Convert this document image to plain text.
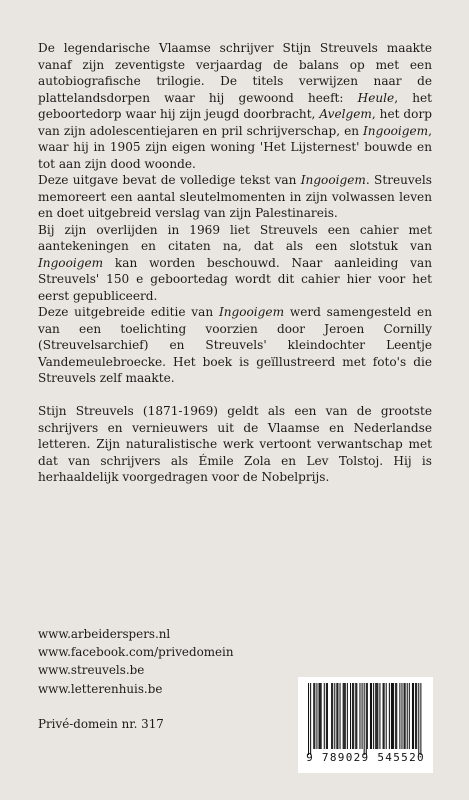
De legendarische Vlaamse schrijver Stijn Streuvels maakte vanaf zijn zeventigste verjaardag de balans op met een autobiografische trilogie. De titels verwijzen naar de plattelandsdorpen waar hij gewoond heeft: Heule, het geboortedorp waar hij zijn jeugd doorbracht, Avelgem, het dorp van zijn adolescentiejaren en pril schrijverschap, en Ingooigem, waar hij in 1905 zijn eigen woning 'Het Lijsternest' bouwde en tot aan zijn dood woonde.

Deze uitgave bevat de volledige tekst van Ingooigem. Streuvels memoreert een aantal sleutelmomenten in zijn volwassen leven en doet uitgebreid verslag van zijn Palestinareis.

Bij zijn overlijden in 1969 liet Streuvels een cahier met aantekeningen en citaten na, dat als een slotstuk van Ingooigem kan worden beschouwd. Naar aanleiding van Streuvels' 150 e geboortedag wordt dit cahier hier voor het eerst gepubliceerd.

Deze uitgebreide editie van Ingooigem werd samengesteld en van een toelichting voorzien door Jeroen Cornilly (Streuvelsarchief) en Streuvels' kleindochter Leentje Vandemeulebroecke. Het boek is geïllustreerd met foto's die Streuvels zelf maakte.

Stijn Streuvels (1871-1969) geldt als een van de grootste schrijvers en vernieuwers uit de Vlaamse en Nederlandse letteren. Zijn naturalistische werk vertoont verwantschap met dat van schrijvers als Émile Zola en Lev Tolstoj. Hij is herhaaldelijk voorgedragen voor de Nobelprijs.

www.arbeiderspers.nl
www.facebook.com/privedomein
www.streuvels.be
www.letterenhuis.be
Privé-domein nr. 317
9 789029 545520
